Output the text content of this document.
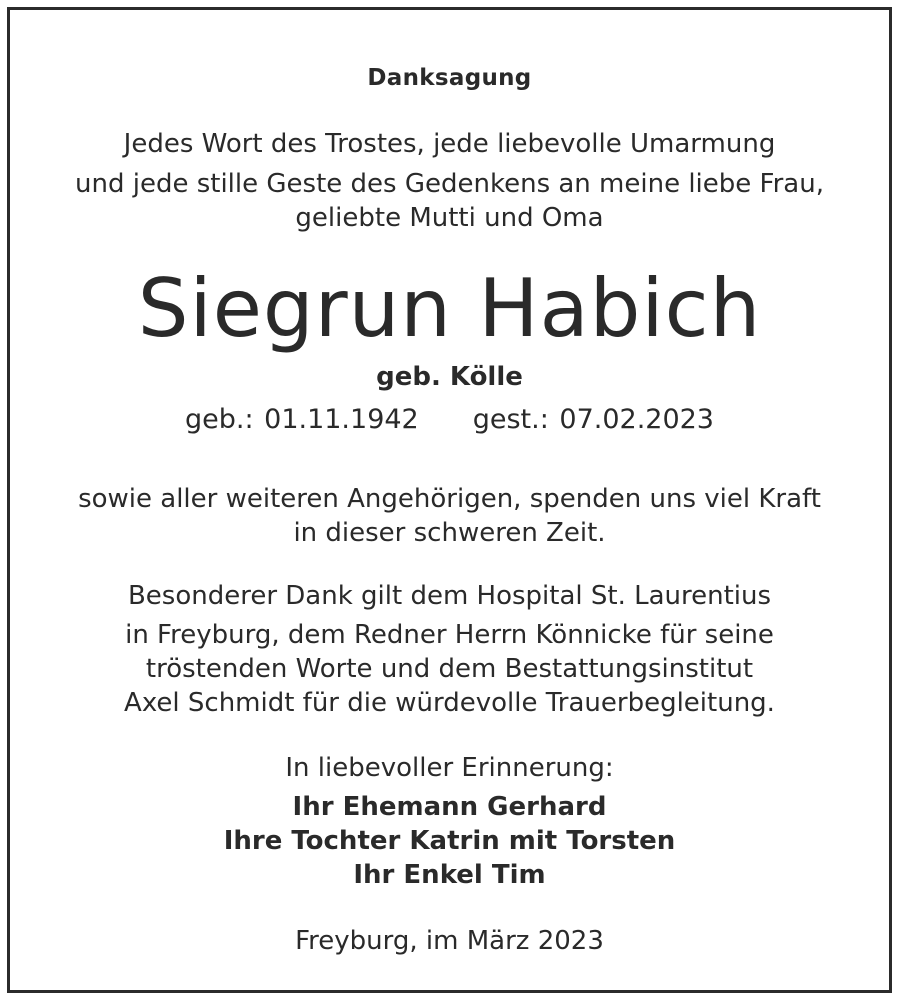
Danksagung
Jedes Wort des Trostes, jede liebevolle Umarmung
und jede stille Geste des Gedenkens an meine liebe Frau,
geliebte Mutti und Oma
Siegrun Habich
geb. Kölle
geb.: 01.11.1942 gest.: 07.02.2023
sowie aller weiteren Angehörigen, spenden uns viel Kraft
in dieser schweren Zeit.
Besonderer Dank gilt dem Hospital St. Laurentius
in Freyburg, dem Redner Herrn Könnicke für seine
tröstenden Worte und dem Bestattungsinstitut
Axel Schmidt für die würdevolle Trauerbegleitung.
In liebevoller Erinnerung:
Ihr Ehemann Gerhard
Ihre Tochter Katrin mit Torsten
Ihr Enkel Tim
Freyburg, im März 2023
